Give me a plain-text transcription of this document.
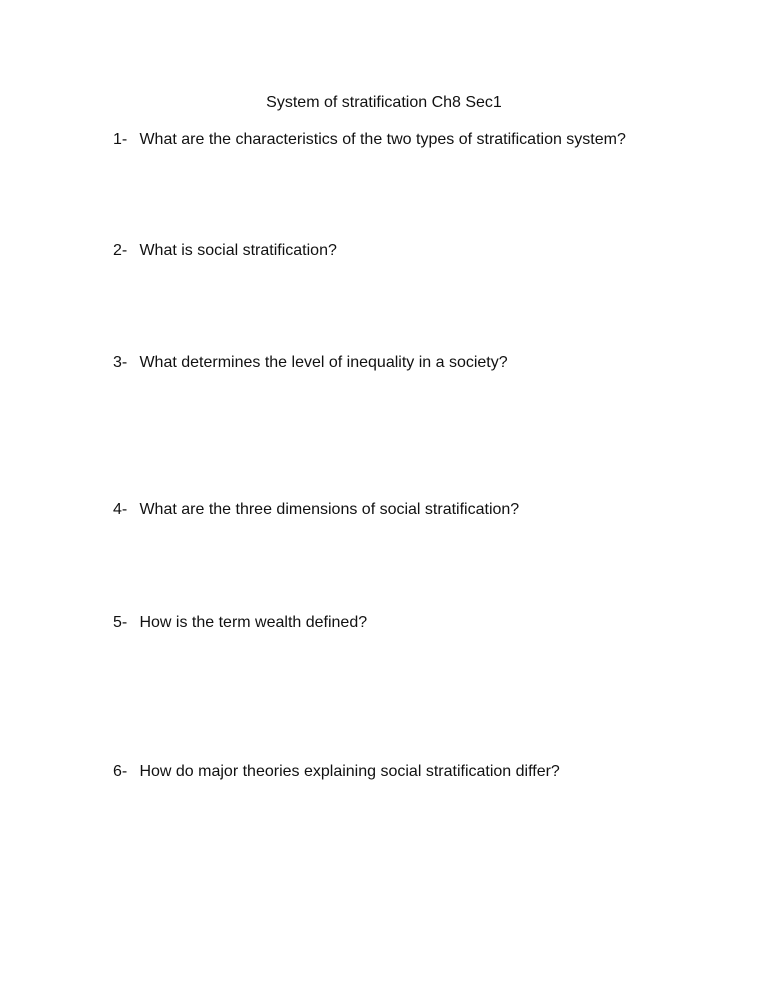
System of stratification Ch8 Sec1
1- What are the characteristics of the two types of stratification system?
2- What is social stratification?
3- What determines the level of inequality in a society?
4- What are the three dimensions of social stratification?
5- How is the term wealth defined?
6- How do major theories explaining social stratification differ?
